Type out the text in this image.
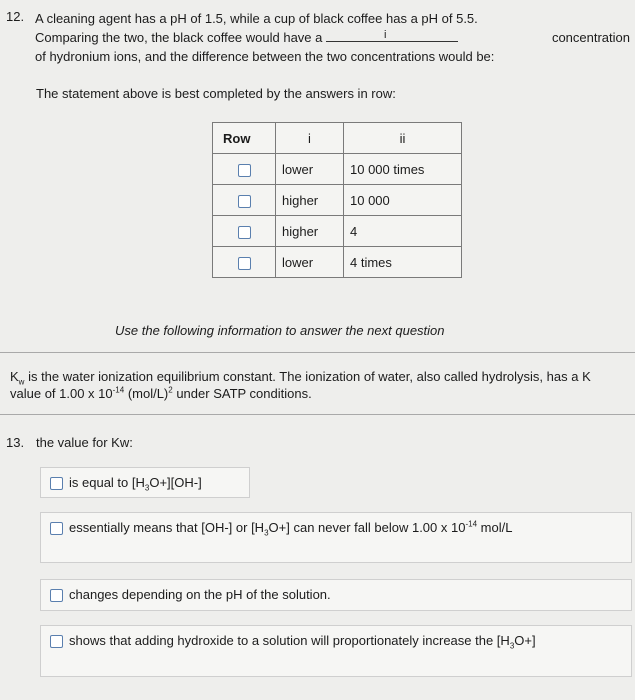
12. A cleaning agent has a pH of 1.5, while a cup of black coffee has a pH of 5.5.
Comparing the two, the black coffee would have a	i	concentration
of hydronium ions, and the difference between the two concentrations would be:
The statement above is best completed by the answers in row:
Row	i	ii
	lower	10 000 times
	higher	10 000
	higher	4
	lower	4 times
Use the following information to answer the next question
$K_w$ is the water ionization equilibrium constant. The ionization of water, also called hydrolysis, has a K value of 1.00 x $10^{-14}$ $(mol/L)^2$ under SATP conditions.
13. the value for Kw:
is equal to $[H_3O+][OH-]$
essentially means that [OH-] or $[H_3O+]$ can never fall below 1.00 x $10^{-14}$ mol/L
changes depending on the pH of the solution.
shows that adding hydroxide to a solution will proportionately increase the $[H_3O+]$
